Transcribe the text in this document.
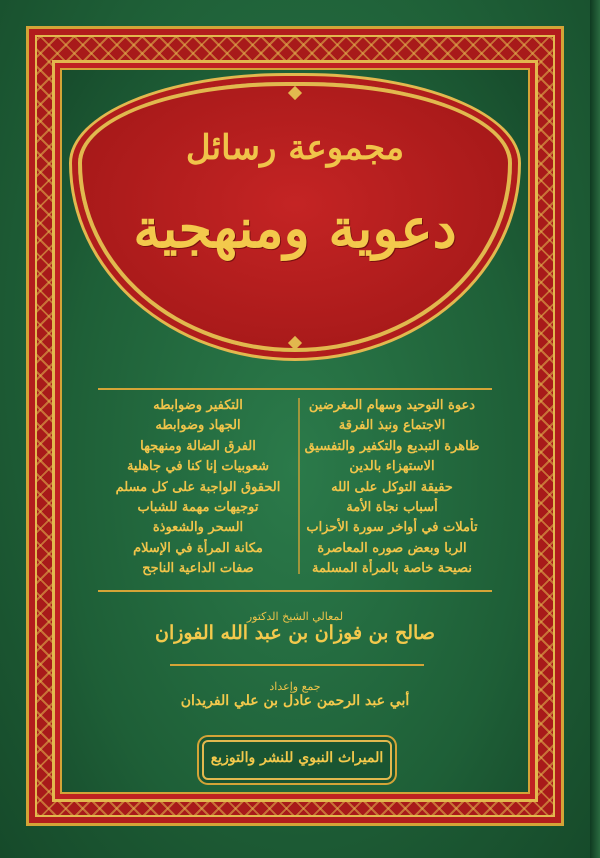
مجموعة رسائل
دعوية ومنهجية
دعوة التوحيد وسهام المغرضين
الاجتماع ونبذ الفرقة
ظاهرة التبديع والتكفير والتفسيق
الاستهزاء بالدين
حقيقة التوكل على الله
أسباب نجاة الأمة
تأملات في أواخر سورة الأحزاب
الربا وبعض صوره المعاصرة
نصيحة خاصة بالمرأة المسلمة
التكفير وضوابطه
الجهاد وضوابطه
الفرق الضالة ومنهجها
شعوبيات إنا كنا في جاهلية
الحقوق الواجبة على كل مسلم
توجيهات مهمة للشباب
السحر والشعوذة
مكانة المرأة في الإسلام
صفات الداعية الناجح
لمعالي الشيخ الدكتور
صالح بن فوزان بن عبد الله الفوزان
جمع وإعداد
أبي عبد الرحمن عادل بن علي الفريدان
الميراث النبوي للنشر والتوزيع
